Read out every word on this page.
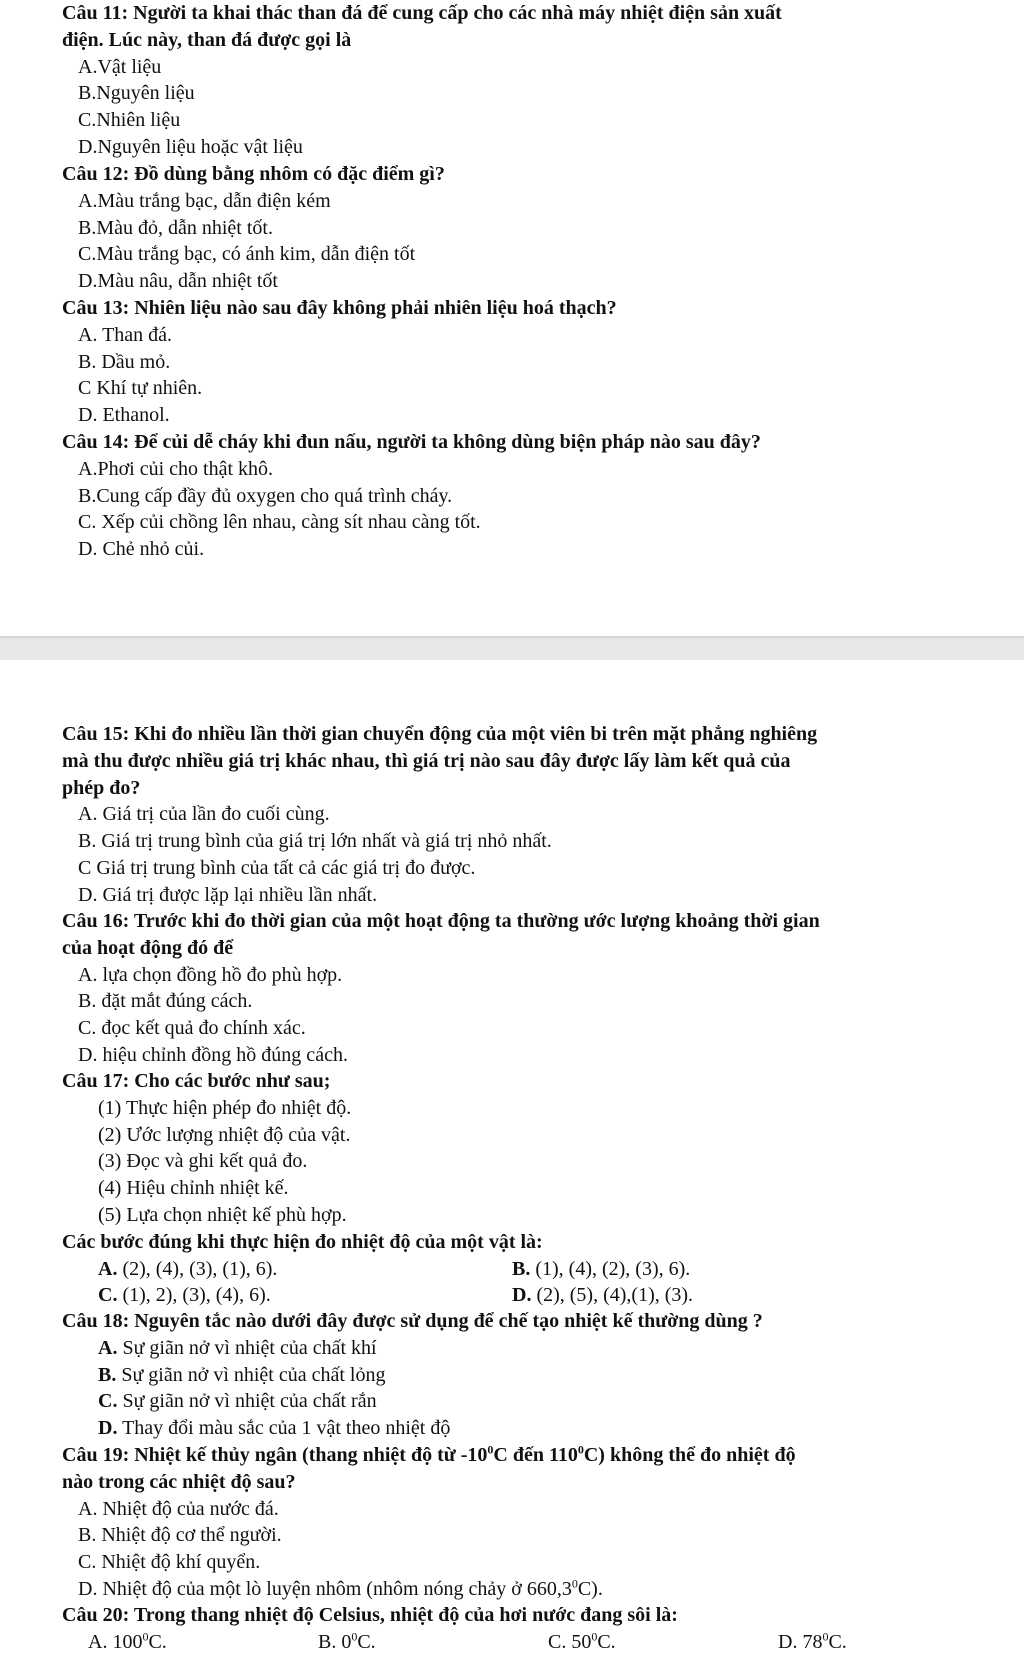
Câu 11: Người ta khai thác than đá để cung cấp cho các nhà máy nhiệt điện sản xuất
điện. Lúc này, than đá được gọi là
A.Vật liệu
B.Nguyên liệu
C.Nhiên liệu
D.Nguyên liệu hoặc vật liệu
Câu 12: Đồ dùng bằng nhôm có đặc điểm gì?
A.Màu trắng bạc, dẫn điện kém
B.Màu đỏ, dẫn nhiệt tốt.
C.Màu trắng bạc, có ánh kim, dẫn điện tốt
D.Màu nâu, dẫn nhiệt tốt
Câu 13: Nhiên liệu nào sau đây không phải nhiên liệu hoá thạch?
A. Than đá.
B. Dầu mỏ.
C Khí tự nhiên.
D. Ethanol.
Câu 14: Để củi dễ cháy khi đun nấu, người ta không dùng biện pháp nào sau đây?
A.Phơi củi cho thật khô.
B.Cung cấp đầy đủ oxygen cho quá trình cháy.
C. Xếp củi chồng lên nhau, càng sít nhau càng tốt.
D. Chẻ nhỏ củi.
Câu 15: Khi đo nhiều lần thời gian chuyển động của một viên bi trên mặt phẳng nghiêng
mà thu được nhiều giá trị khác nhau, thì giá trị nào sau đây được lấy làm kết quả của
phép đo?
A. Giá trị của lần đo cuối cùng.
B. Giá trị trung bình của giá trị lớn nhất và giá trị nhỏ nhất.
C Giá trị trung bình của tất cả các giá trị đo được.
D. Giá trị được lặp lại nhiều lần nhất.
Câu 16: Trước khi đo thời gian của một hoạt động ta thường ước lượng khoảng thời gian
của hoạt động đó để
A. lựa chọn đồng hồ đo phù hợp.
B. đặt mắt đúng cách.
C. đọc kết quả đo chính xác.
D. hiệu chỉnh đồng hồ đúng cách.
Câu 17: Cho các bước như sau;
(1) Thực hiện phép đo nhiệt độ.
(2) Ước lượng nhiệt độ của vật.
(3) Đọc và ghi kết quả đo.
(4) Hiệu chỉnh nhiệt kế.
(5) Lựa chọn nhiệt kế phù hợp.
Các bước đúng khi thực hiện đo nhiệt độ của một vật là:
A. (2), (4), (3), (1), 6).	B. (1), (4), (2), (3), 6).
C. (1), 2), (3), (4), 6).	D. (2), (5), (4),(1), (3).
Câu 18: Nguyên tắc nào dưới đây được sử dụng để chế tạo nhiệt kế thường dùng ?
A. Sự giãn nở vì nhiệt của chất khí
B. Sự giãn nở vì nhiệt của chất lỏng
C. Sự giãn nở vì nhiệt của chất rắn
D. Thay đổi màu sắc của 1 vật theo nhiệt độ
Câu 19: Nhiệt kế thủy ngân (thang nhiệt độ từ $-10^0C$ đến $110^0C$) không thể đo nhiệt độ
nào trong các nhiệt độ sau?
A. Nhiệt độ của nước đá.
B. Nhiệt độ cơ thể người.
C. Nhiệt độ khí quyển.
D. Nhiệt độ của một lò luyện nhôm (nhôm nóng chảy ở 660,3$^0$C).
Câu 20: Trong thang nhiệt độ Celsius, nhiệt độ của hơi nước đang sôi là:
A. $100^0C$.	B. $0^0C$.	C. $50^0C$.	D. $78^0C$.
